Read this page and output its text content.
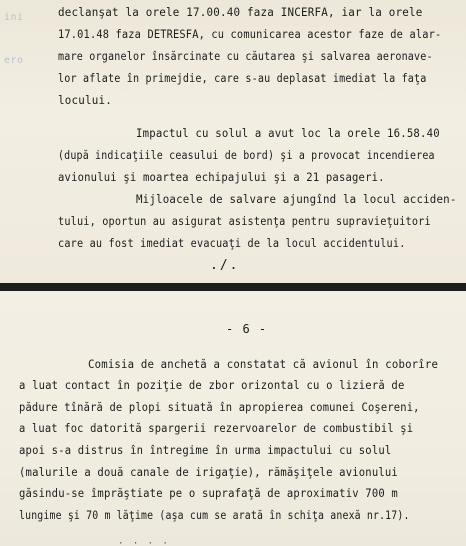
ini
ero
declanşat la orele 17.00.40 faza INCERFA, iar la orele
17.01.48 faza DETRESFA, cu comunicarea acestor faze de alar-
mare organelor însărcinate cu căutarea şi salvarea aeronave-
lor aflate în primejdie, care s-au deplasat imediat la faţa
locului.
Impactul cu solul a avut loc la orele 16.58.40
(după indicaţiile ceasului de bord) şi a provocat incendierea
avionului şi moartea echipajului şi a 21 pasageri.
Mijloacele de salvare ajungînd la locul acciden-
tului, oportun au asigurat asistenţa pentru supravieţuitori
care au fost imediat evacuaţi de la locul accidentului.
./.
- 6 -
Comisia de anchetă a constatat că avionul în coborîre
a luat contact în poziţie de zbor orizontal cu o lizieră de
pădure tînără de plopi situată în apropierea comunei Coşereni,
a luat foc datorită spargerii rezervoarelor de combustibil şi
apoi s-a distrus în întregime în urma impactului cu solul
(malurile a două canale de irigaţie), rămăşiţele avionului
găsindu-se împrăştiate pe o suprafaţă de aproximativ 700 m
lungime şi 70 m lăţime (aşa cum se arată în schiţa anexă nr.17).
· · · ·
